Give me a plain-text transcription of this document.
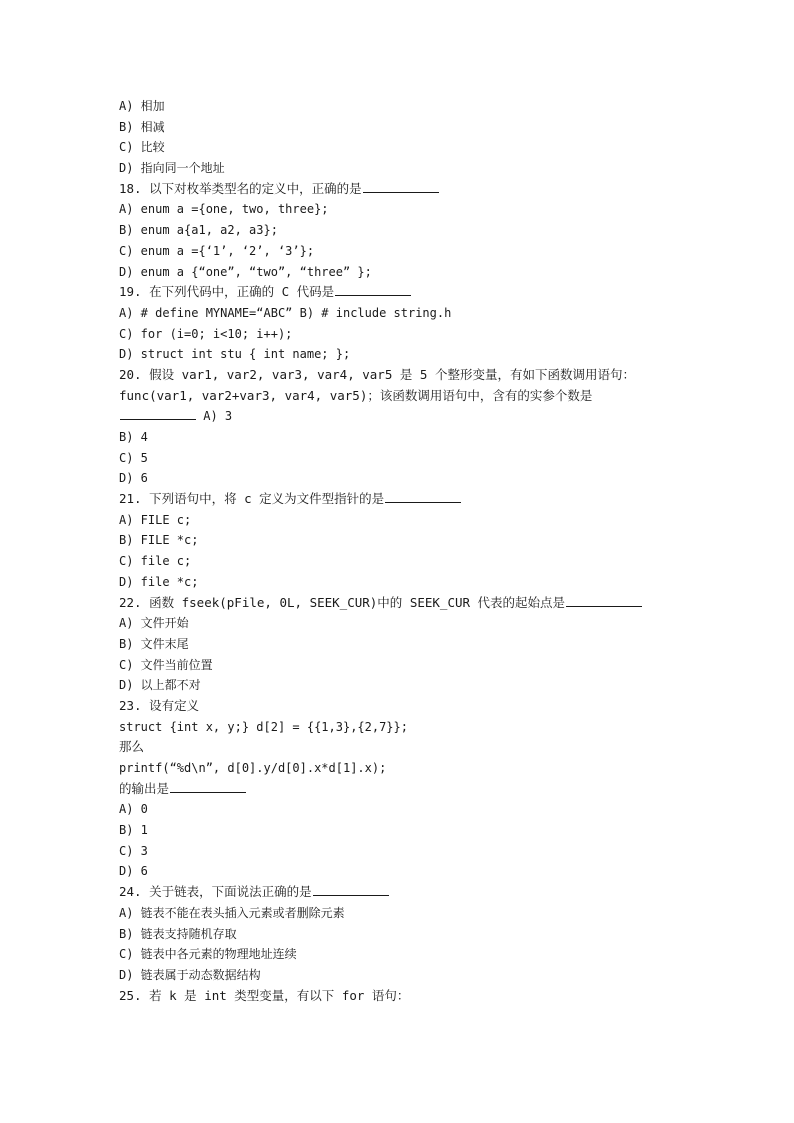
A) 相加
B) 相减
C) 比较
D) 指向同一个地址
18. 以下对枚举类型名的定义中，正确的是
A) enum a ={one, two, three};
B) enum a{a1, a2, a3};
C) enum a ={‘1’, ‘2’, ‘3’};
D) enum a {“one”, “two”, “three” };
19. 在下列代码中，正确的 C 代码是
A) # define MYNAME=“ABC” B) # include string.h
C) for (i=0; i<10; i++);
D) struct int stu { int name; };
20. 假设 var1, var2, var3, var4, var5 是 5 个整形变量，有如下函数调用语句：
func(var1, var2+var3, var4, var5)；该函数调用语句中，含有的实参个数是
A) 3
B) 4
C) 5
D) 6
21. 下列语句中，将 c 定义为文件型指针的是
A) FILE c;
B) FILE *c;
C) file c;
D) file *c;
22. 函数 fseek(pFile, 0L, SEEK_CUR)中的 SEEK_CUR 代表的起始点是
A) 文件开始
B) 文件末尾
C) 文件当前位置
D) 以上都不对
23. 设有定义
struct {int x, y;} d[2] = {{1,3},{2,7}};
那么
printf(“%d\n”, d[0].y/d[0].x*d[1].x);
的输出是
A) 0
B) 1
C) 3
D) 6
24. 关于链表，下面说法正确的是
A) 链表不能在表头插入元素或者删除元素
B) 链表支持随机存取
C) 链表中各元素的物理地址连续
D) 链表属于动态数据结构
25. 若 k 是 int 类型变量，有以下 for 语句：
